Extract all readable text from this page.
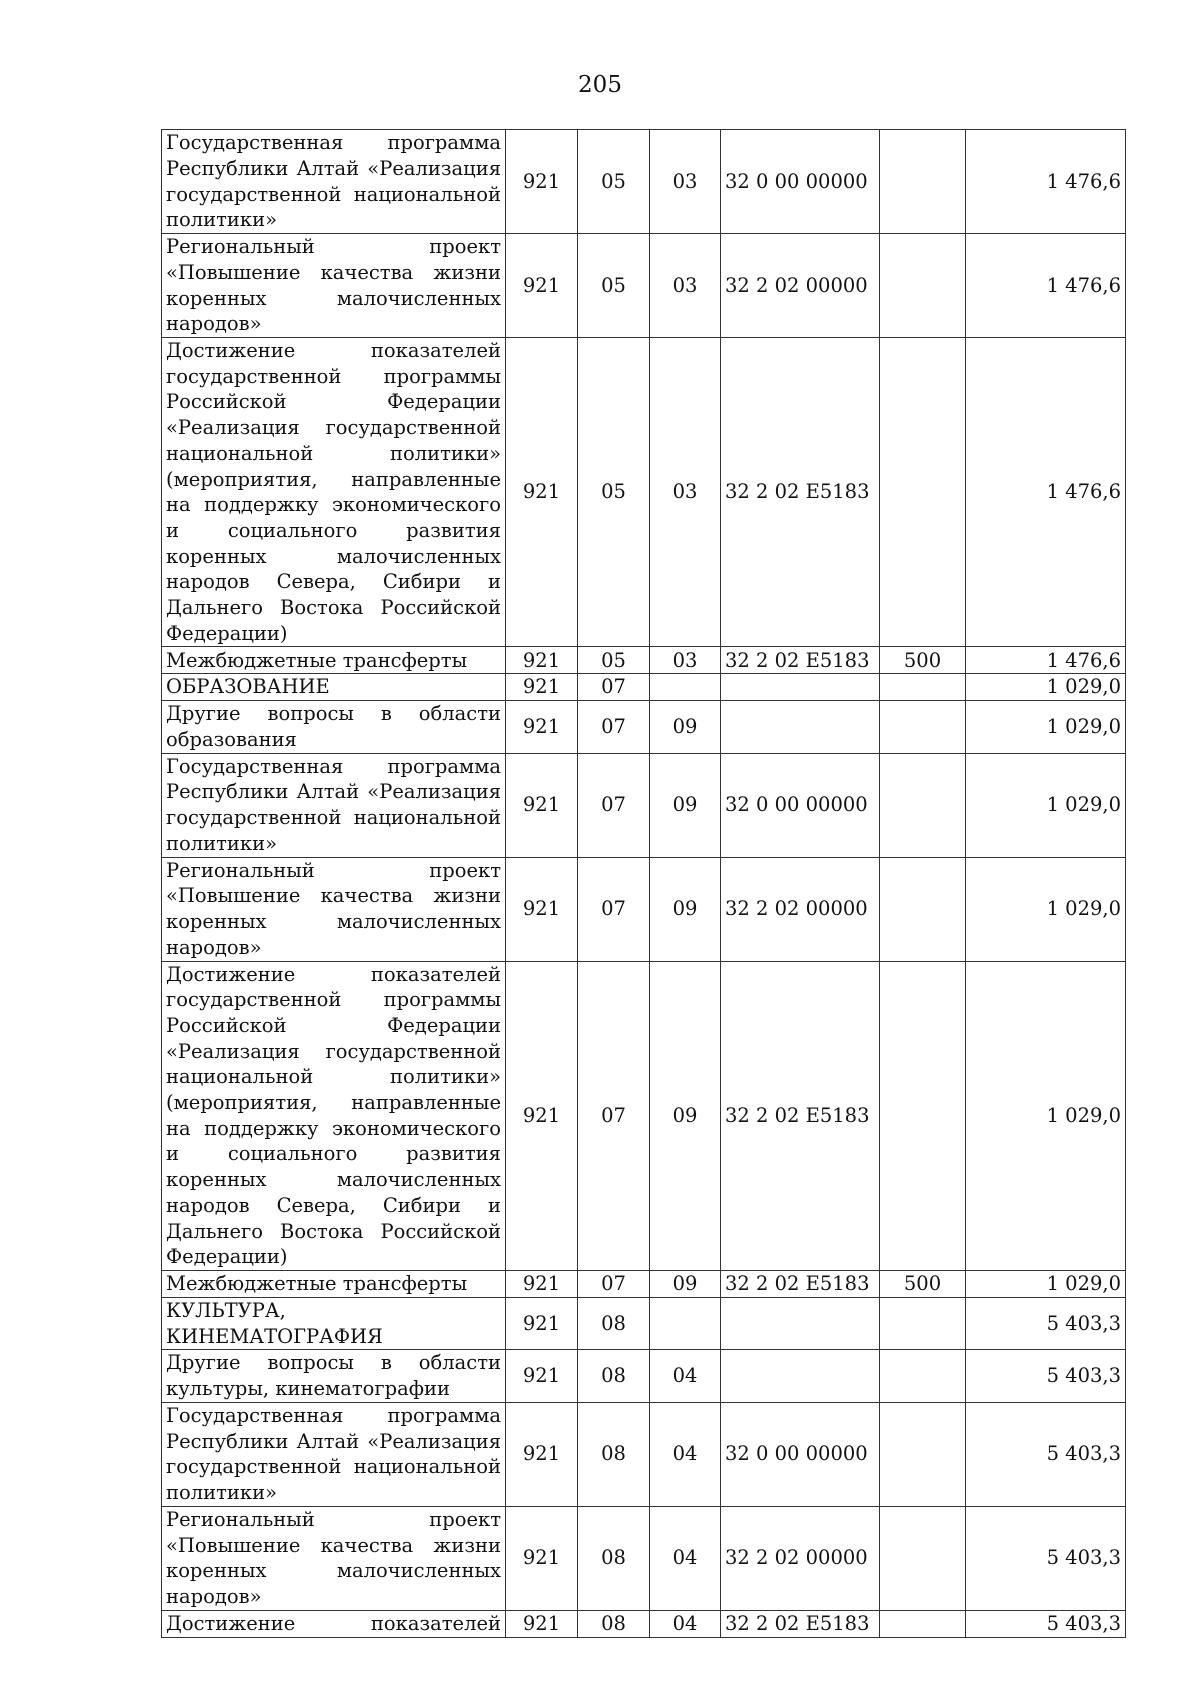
205
Государственная программа Республики Алтай «Реализация государственной национальной политики»	921	05	03	32 0 00 00000		1 476,6
Региональный проект «Повышение качества жизни коренных малочисленных народов»	921	05	03	32 2 02 00000		1 476,6
Достижение показателей государственной программы Российской Федерации «Реализация государственной национальной политики» (мероприятия, направленные на поддержку экономического и социального развития коренных малочисленных народов Севера, Сибири и Дальнего Востока Российской Федерации)	921	05	03	32 2 02 E5183		1 476,6
Межбюджетные трансферты	921	05	03	32 2 02 E5183	500	1 476,6
ОБРАЗОВАНИЕ	921	07				1 029,0
Другие вопросы в области образования	921	07	09			1 029,0
Государственная программа Республики Алтай «Реализация государственной национальной политики»	921	07	09	32 0 00 00000		1 029,0
Региональный проект «Повышение качества жизни коренных малочисленных народов»	921	07	09	32 2 02 00000		1 029,0
Достижение показателей государственной программы Российской Федерации «Реализация государственной национальной политики» (мероприятия, направленные на поддержку экономического и социального развития коренных малочисленных народов Севера, Сибири и Дальнего Востока Российской Федерации)	921	07	09	32 2 02 E5183		1 029,0
Межбюджетные трансферты	921	07	09	32 2 02 E5183	500	1 029,0
КУЛЬТУРА, КИНЕМАТОГРАФИЯ	921	08				5 403,3
Другие вопросы в области культуры, кинематографии	921	08	04			5 403,3
Государственная программа Республики Алтай «Реализация государственной национальной политики»	921	08	04	32 0 00 00000		5 403,3
Региональный проект «Повышение качества жизни коренных малочисленных народов»	921	08	04	32 2 02 00000		5 403,3
Достижение показателей	921	08	04	32 2 02 E5183		5 403,3
